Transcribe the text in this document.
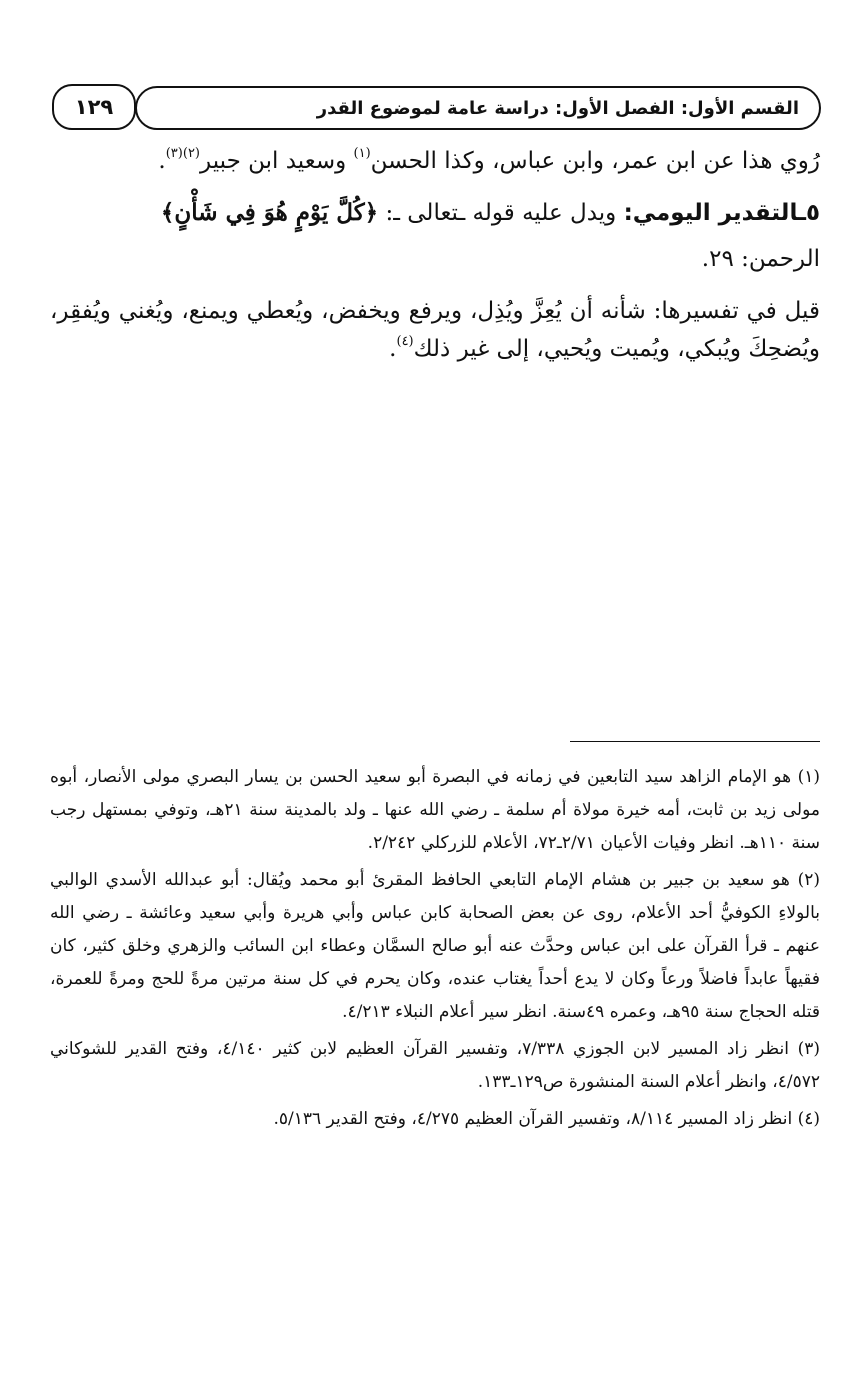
القسم الأول: الفصل الأول: دراسة عامة لموضوع القدر
١٢٩

رُوي هذا عن ابن عمر، وابن عباس، وكذا الحسن$^{(١)}$ وسعيد ابن جبير$^{(٢)(٣)}$.

٥ـالتقدير اليومي: ويدل عليه قوله ـتعالى ـ: ﴿كُلَّ يَوْمٍ هُوَ فِي شَأْنٍ﴾
الرحمن: ٢٩.

قيل في تفسيرها: شأنه أن يُعِزَّ ويُذِل، ويرفع ويخفض، ويُعطي ويمنع، ويُغني ويُفقِر، ويُضحِكَ ويُبكي، ويُميت ويُحيي، إلى غير ذلك$^{(٤)}$.

(١) هو الإمام الزاهد سيد التابعين في زمانه في البصرة أبو سعيد الحسن بن يسار البصري مولى الأنصار، أبوه مولى زيد بن ثابت، أمه خيرة مولاة أم سلمة ـ رضي الله عنها ـ ولد بالمدينة سنة ٢١هـ، وتوفي بمستهل رجب سنة ١١٠هـ. انظر وفيات الأعيان ٢/٧١ـ٧٢، الأعلام للزركلي ٢/٢٤٢.

(٢) هو سعيد بن جبير بن هشام الإمام التابعي الحافظ المقرئ أبو محمد ويُقال: أبو عبدالله الأسدي الوالبي بالولاءِ الكوفيُّ أحد الأعلام، روى عن بعض الصحابة كابن عباس وأبي هريرة وأبي سعيد وعائشة ـ رضي الله عنهم ـ قرأ القرآن على ابن عباس وحدَّث عنه أبو صالح السمَّان وعطاء ابن السائب والزهري وخلق كثير، كان فقيهاً عابداً فاضلاً ورعاً وكان لا يدع أحداً يغتاب عنده، وكان يحرم في كل سنة مرتين مرةً للحج ومرةً للعمرة، قتله الحجاج سنة ٩٥هـ، وعمره ٤٩سنة. انظر سير أعلام النبلاء ٤/٢١٣.

(٣) انظر زاد المسير لابن الجوزي ٧/٣٣٨، وتفسير القرآن العظيم لابن كثير ٤/١٤٠، وفتح القدير للشوكاني ٤/٥٧٢، وانظر أعلام السنة المنشورة ص١٢٩ـ١٣٣.

(٤) انظر زاد المسير ٨/١١٤، وتفسير القرآن العظيم ٤/٢٧٥، وفتح القدير ٥/١٣٦.
